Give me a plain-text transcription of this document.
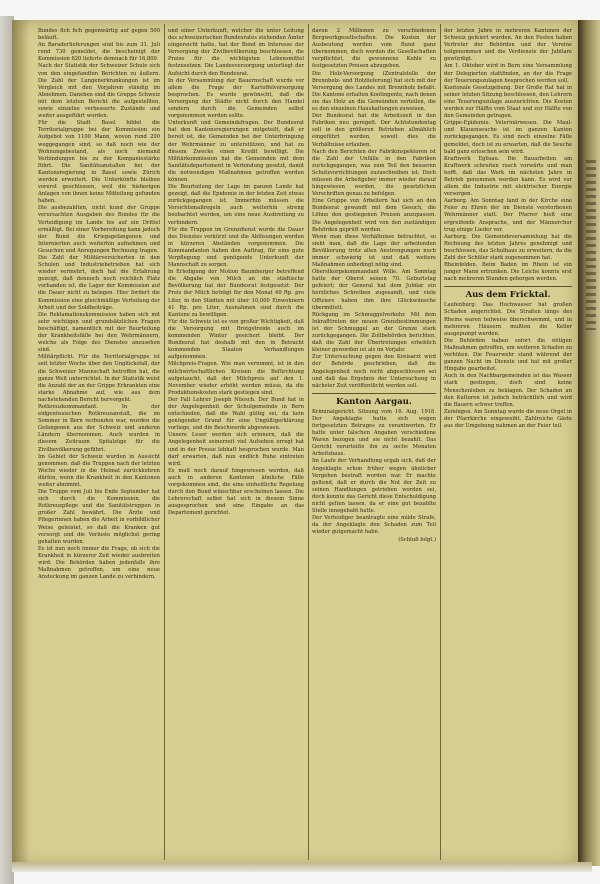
Bundes fich fich gegenwärtig auf gegen 500 beläuft.

An Baraderlieferungen sind bis zum 31. Juli rund 730 gemeldet, die bescheinigt der Kommission 620 lieferte demnach für 16,800.

Nach der Statistik der Schweizer Schule sich von den eingefandten Berichten zu äußern. Die Zahl der Lungenerkrankungen ist im Vergleich mit den Vorjahren ständig im Abnehmen. Daneben sind die Gruppe Schweiz mit dem letzten Bericht die aufgestellten, sowie einzelne verbesserte Zustände und weiter ausgeführt worden.

Für die Stadt Basel bildet die Territorialgruppe bei der Kommission ein Aufgebot von 1100 Mann, wovon rund 200 weggegangen sind, so daß noch wie der Wohnungsbestand, als noch niemand Verbindungen bis zu der Kompaniestärke führt. Die Sanitätsanstalten bei der Kantonsregierung in Basel sowie Zürich werden erweitert. Die Unterkünfte bleiben vorerst geschlossen, weil die bisherigen Anlagen von ihnen keine Mitteilung gefunden haben.

Die ausbezahlten, nicht kund der Gruppe verursachten Ausgaben des Bundes für die Verteidigung im Lande bis auf ein Drittel ermäßigt. Bei einer Vorbereitung kann jedoch der Bund die Kriegsgefangenen und Internierten auch weiterhin aufnehmen und Gesuchen und Anregungen Rechnung tragen.

Die Zahl der Militärversicherten in den Schulen und Industriebetrieben hat sich wieder vermehrt, doch hat die Erfahrung gezeigt, daß dennoch noch reichlich Platz vorhanden ist, die Lager der Kommission auf die Dauer nicht zu belegen. Hier fordert die Kommission eine gleichmäßige Verteilung der Arbeit und der Soldbeiträge.

Die Reklamationskommission haben sich mit sehr wichtigen und grundsätzlichen Fragen beschäftigt, namentlich mit der Beurteilung der Krankheitsfälle bei den Wehrmännern, welche als Folge des Dienstes anzusehen sind.

Militärpflicht. Für die Territorialgruppe ist seit letzter Woche über den Unglücksfall, der die Schweizer Mannschaft betroffen hat, die ganze Welt unterrichtet. In der Statistik weist die Anzahl der an der Grippe Erkrankten eine starke Abnahme auf, wie aus dem nachstehenden Bericht hervorgeht.

Rotkreuzkommandant. In der eidgenössischen Rotkreuzanstalt, die im Sommer in Bern verbunden war, wurden die Gefangenen aus der Schweiz und anderen Ländern übernommen. Auch wurden in diesem Zeitraum Spitalzüge für die Zivilbevölkerung geführt.

Im Gebiet der Schweiz wurden in Aussicht genommen, daß die Truppen nach der letzten Woche wieder in die Heimat zurückkehren dürfen, wenn die Krankheit in den Kantonen weiter abnimmt.

Die Truppe vom Juli bis Ende September hat sich durch die Kommission, die Rotkreuzpflege und die Sanitätstruppen in großer Zahl bewährt. Die Ärzte und Pflegerinnen haben die Arbeit in vorbildlicher Weise geleistet, so daß die Kranken gut versorgt und die Verluste möglichst gering gehalten wurden.

Es ist nun noch immer die Frage, ob sich die Krankheit in kürzerer Zeit wieder ausbreiten wird. Die Behörden haben jedenfalls ihre Maßnahmen getroffen, um eine neue Ansteckung im ganzen Lande zu verhindern.

und einer Unterkunft, welcher die unter Leitung des schweizerischen Bundesrates stehenden Ämter eingereicht hatte, hat der Bund im Interesse der Versorgung der Zivilbevölkerung beschlossen, die Preise für die wichtigsten Lebensmittel festzusetzen. Die Landesversorgung unterliegt der Aufsicht durch den Bundesrat.

In der Versammlung der Bauernschaft wurde vor allem die Frage der Kartoffelversorgung besprochen. Es wurde gewünscht, daß die Versorgung der Städte nicht durch den Handel sondern durch die Gemeinden selbst vorgenommen werden sollte.

Unterkunft und Gemeindefragen. Der Bundesrat hat den Kantonsregierungen mitgeteilt, daß er bereit ist, die Gemeinden bei der Unterbringung der Wehrmänner zu unterstützen, und hat zu diesem Zwecke einen Kredit bewilligt. Die Militärkommission hat die Gemeinden mit dem Sanitätsdepartement in Verbindung gesetzt, damit die notwendigen Maßnahmen getroffen werden können.

Die Beurteilung der Lage im ganzen Lande hat gezeigt, daß die Epidemie in der letzten Zeit etwas zurückgegangen ist. Immerhin müssen die Vorsichtsmaßregeln auch weiterhin streng beobachtet werden, um eine neue Ausbreitung zu verhindern.

Für die Truppen im Grenzdienst wurde die Dauer des Dienstes verkürzt und die Ablösungen werden in kürzeren Abständen vorgenommen. Die Kommandanten haben den Auftrag, für eine gute Verpflegung und genügende Unterkunft der Mannschaft zu sorgen.

In Erledigung der Motion Baumberger betreffend die Abgabe von Milch an die städtische Bevölkerung hat der Bundesrat festgesetzt: Der Preis der Milch beträgt für den Monat 40 Rp. pro Liter, in den Städten mit über 10,000 Einwohnern 41 Rp. pro Liter, Ausnahmen sind durch die Kantone zu bewilligen.

Für die Schweiz ist es von großer Wichtigkeit, daß die Versorgung mit Brotgetreide auch im kommenden Winter gesichert bleibt. Der Bundesrat hat deshalb mit den in Betracht kommenden Staaten Verhandlungen aufgenommen.

Milchpreis-Fragen. Wie man vernimmt, ist in den milchwirtschaftlichen Kreisen die Befürchtung aufgetaucht, daß der Milchpreis auf den 1. November wieder erhöht werden müsse, da die Produktionskosten stark gestiegen sind.

Der Fall Lehrer Joseph Nüesch. Der Bund hat in der Angelegenheit der Schulgemeinde in Bern entschieden, daß die Wahl gültig sei, da kein genügender Grund für eine Ungültigerklärung vorliege, und die Beschwerde abgewiesen.

Unsere Leser werden sich erinnern, daß die Angelegenheit seinerzeit viel Aufsehen erregt hat und in der Presse lebhaft besprochen wurde. Man darf erwarten, daß nun endlich Ruhe eintreten wird.

Es muß noch darauf hingewiesen werden, daß auch in anderen Kantonen ähnliche Fälle vorgekommen sind, die eine einheitliche Regelung durch den Bund wünschbar erscheinen lassen. Die Lehrerschaft selbst hat sich in diesem Sinne ausgesprochen und eine Eingabe an das Departement gerichtet.

davon 2 Millionen zu verschiedenen Bergwerkgesellschaften. Die Kosten der Ausbeutung werden vom Bund ganz übernommen, doch werden die Gesellschaften verpflichtet, die gewonnene Kohle zu festgesetzten Preisen abzugeben.

Die Holz-Versorgung (Zentralstelle der Brennholz- und Holzlieferung) hat sich mit der Versorgung des Landes mit Brennholz befaßt. Die Kantone erhalten Kontingente, nach denen sie das Holz an die Gemeinden verteilen, die es den einzelnen Haushaltungen zuweisen.

Der Bundesrat hat die Arbeitszeit in den Fabriken neu geregelt. Der Achtstundentag soll in den größeren Betrieben allmählich eingeführt werden, soweit dies die Verhältnisse erlauben.

Nach den Berichten der Fabrikinspektoren ist die Zahl der Unfälle in den Fabriken zurückgegangen, was zum Teil den besseren Schutzvorrichtungen zuzuschreiben ist. Doch müssen die Arbeitgeber immer wieder darauf hingewiesen werden, die gesetzlichen Vorschriften genau zu befolgen.

Eine Gruppe von Arbeitern hat sich an den Bundesrat gewandt mit dem Gesuch, die Löhne den gestiegenen Preisen anzupassen. Die Angelegenheit wird von den zuständigen Behörden geprüft werden.

Wenn man diese Verhältnisse betrachtet, so sieht man, daß die Lage der arbeitenden Bevölkerung trotz allen Anstrengungen noch immer schwierig ist und daß weitere Maßnahmen unbedingt nötig sind.

Oberstkorpskommandant Wille. Am Sonntag hatte der Oberst seinen 70. Geburtstag gefeiert; der General hat dem Jubilar ein herzliches Schreiben zugesandt, und viele Offiziere haben ihm ihre Glückwünsche übermittelt.

Rückgang im Schmuggelverkehr. Mit dem Inkrafttreten der neuen Grenzbestimmungen ist der Schmuggel an der Grenze stark zurückgegangen. Die Zollbehörden berichten, daß die Zahl der Übertretungen erheblich kleiner geworden ist als im Vorjahr.

Zur Untersuchung gegen den Kreisarzt wird der Behörde geschrieben, daß die Angelegenheit noch nicht abgeschlossen sei und daß das Ergebnis der Untersuchung in nächster Zeit veröffentlicht werden soll.

Kanton Aargau.

Kriminalgericht. Sitzung vom 16. Aug. 1918. Der Angeklagte hatte sich wegen fortgesetzten Betruges zu verantworten. Er hatte unter falschen Angaben verschiedene Waren bezogen und sie nicht bezahlt. Das Gericht verurteilte ihn zu sechs Monaten Arbeitshaus.

Im Laufe der Verhandlung ergab sich, daß der Angeklagte schon früher wegen ähnlicher Vergehen bestraft worden war. Er machte geltend, daß er durch die Not der Zeit zu seinen Handlungen getrieben worden sei, doch konnte das Gericht diese Entschuldigung nicht gelten lassen, da er eine gut bezahlte Stelle innegehabt hatte.

Der Verteidiger beantragte eine milde Strafe, da der Angeklagte den Schaden zum Teil wieder gutgemacht habe.

(Schluß folgt.)

der letzten Jahre in mehreren Kantonen der Schweiz gefeiert wurden. An den Festen haben Vertreter der Behörden und der Vereine teilgenommen und die Verdienste der Jubilare gewürdigt.

Am 1. Oktober wird in Bern eine Versammlung der Delegierten stattfinden, an der die Frage der Teuerungszulagen besprochen werden soll.

Kantonale Gesetzgebung. Der Große Rat hat in seiner letzten Sitzung beschlossen, den Lehrern eine Teuerungszulage auszurichten. Die Kosten werden zur Hälfte vom Staat und zur Hälfte von den Gemeinden getragen.

Grippe-Epidemie. Veterinärwesen. Die Maul- und Klauenseuche ist im ganzen Kanton zurückgegangen. Es sind noch einzelne Fälle gemeldet, doch ist zu erwarten, daß die Seuche bald ganz erloschen sein wird.

Kraftwerk Eglisau. Die Bauarbeiten am Kraftwerk schreiten rasch vorwärts und man hofft, daß das Werk im nächsten Jahre in Betrieb genommen werden kann. Es wird vor allem die Industrie mit elektrischer Energie versorgen.

Aarburg. Am Sonntag fand in der Kirche eine Feier zu Ehren der im Dienste verstorbenen Wehrmänner statt. Der Pfarrer hielt eine ergreifende Ansprache, und der Männerchor trug einige Lieder vor.

Aarburg. Die Gemeindeversammlung hat die Rechnung des letzten Jahres genehmigt und beschlossen, das Schulhaus zu erweitern, da die Zahl der Schüler stark zugenommen hat.

Rheinfelden. Beim Baden im Rhein ist ein junger Mann ertrunken. Die Leiche konnte erst nach mehreren Stunden geborgen werden.

Aus dem Fricktal.

Laufenburg. Das Hochwasser hat großen Schaden angerichtet. Die Straßen längs des Rheins waren teilweise überschwemmt, und in mehreren Häusern mußten die Keller ausgepumpt werden.

Die Behörden haben sofort die nötigen Maßnahmen getroffen, um weiteren Schaden zu verhüten. Die Feuerwehr stand während der ganzen Nacht im Dienste und hat mit großer Hingabe gearbeitet.

Auch in den Nachbargemeinden ist das Wasser stark gestiegen, doch sind keine Menschenleben zu beklagen. Der Schaden an den Kulturen ist jedoch beträchtlich und wird die Bauern schwer treffen.

Zeiningen. Am Sonntag wurde die neue Orgel in der Pfarrkirche eingeweiht. Zahlreiche Gäste aus der Umgebung nahmen an der Feier teil.
